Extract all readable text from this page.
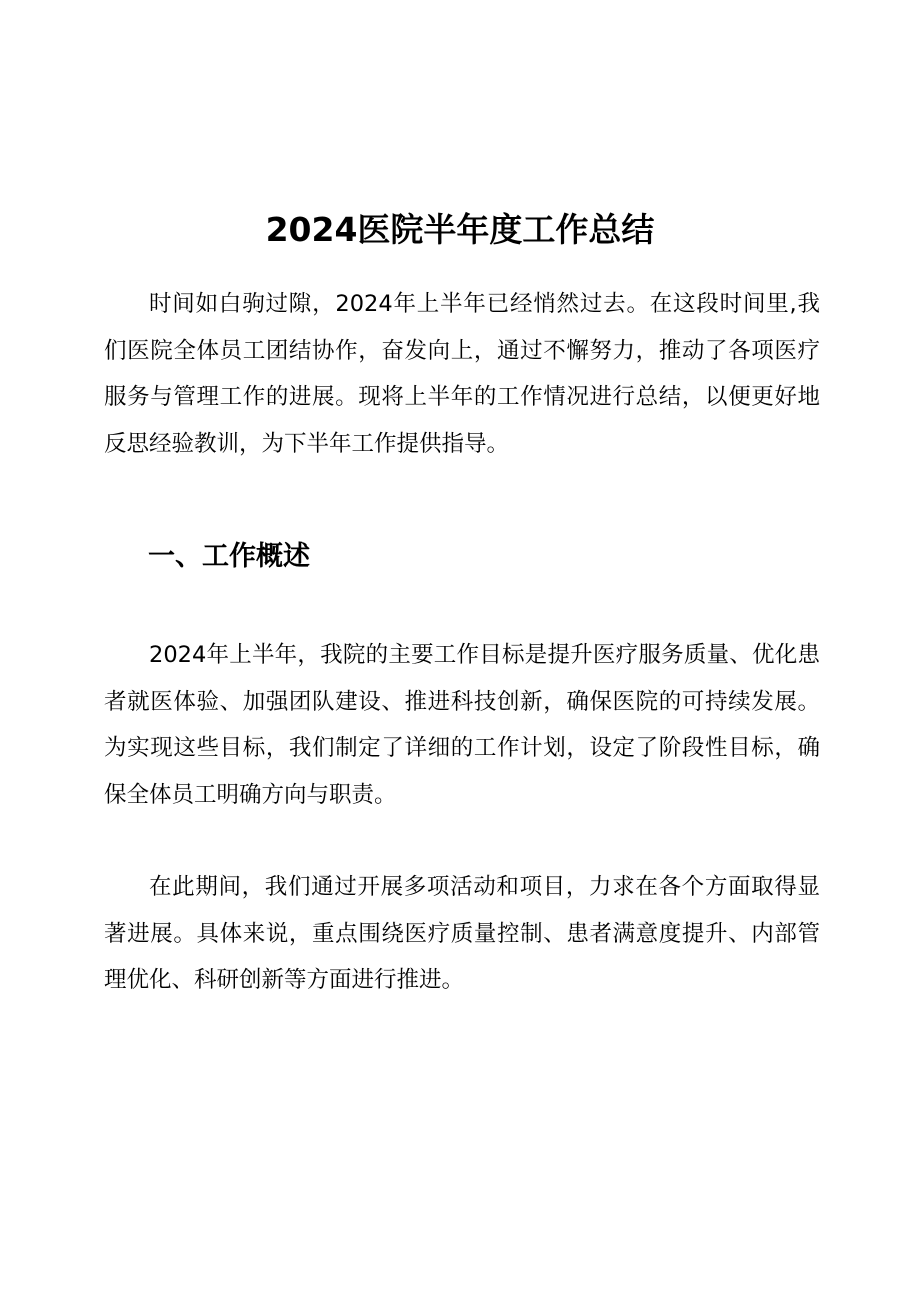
2024医院半年度工作总结

时间如白驹过隙，2024年上半年已经悄然过去。在这段时间里,我们医院全体员工团结协作，奋发向上，通过不懈努力，推动了各项医疗服务与管理工作的进展。现将上半年的工作情况进行总结，以便更好地反思经验教训，为下半年工作提供指导。

一、工作概述

2024年上半年，我院的主要工作目标是提升医疗服务质量、优化患者就医体验、加强团队建设、推进科技创新，确保医院的可持续发展。为实现这些目标，我们制定了详细的工作计划，设定了阶段性目标，确保全体员工明确方向与职责。

在此期间，我们通过开展多项活动和项目，力求在各个方面取得显著进展。具体来说，重点围绕医疗质量控制、患者满意度提升、内部管理优化、科研创新等方面进行推进。
